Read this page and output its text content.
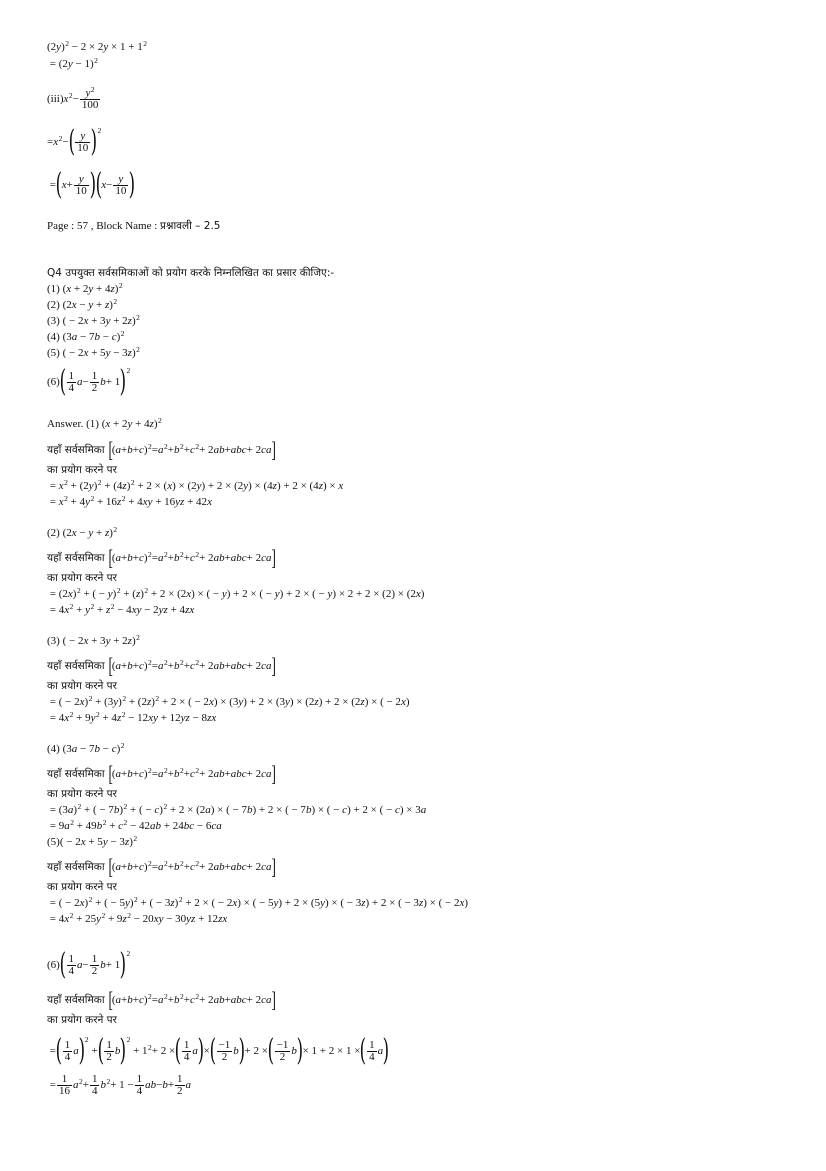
$(2y)^2 - 2 \times 2y \times 1 + 1^2$
= $(2y - 1)^2$
(iii) $x^2 - \frac{y^2}{100}$
= $x^2$ − ( $\frac{y}{10} )^2$
= ( $x + \frac{y}{10}$ ) ( $x - \frac{y}{10}$ )
Page : 57 , Block Name : प्रश्नावली – 2.5
Q4 उपयुक्त सर्वसमिकाओं को प्रयोग करके निम्नलिखित का प्रसार कीजिए:-
(1) $(x + 2y + 4z)^2$
(2) $(2x - y + z)^2$
(3) ( − 2x + 3y + 2z)$^2$
(4) $(3a - 7b - c)^2$
(5) ( − 2x + 5y − 3z)$^2$
(6) ( $\frac{1}{4}$ $a - \frac{1}{2}$ b + 1 )$^2$
Answer. (1) $(x + 2y + 4z)^2$
यहाँ सर्वसमिका [ ( a + b + c )$^2 = a^2 + b^2 + c^2 + 2$ ab + abc + 2 ca ]
का प्रयोग करने पर
= $x^2 + (2y)^2 + (4z)^2 + 2 \times (x) \times (2y) + 2 \times (2y) \times (4z) + 2 \times (4z) \times x$
= $x^2 + 4y^2 + 16z^2 + 4xy + 16yz + 42x$
(2) $(2x - y + z)^2$
यहाँ सर्वसमिका [ ( a + b + c )$^2 = a^2 + b^2 + c^2 + 2$ ab + abc + 2 ca ]
का प्रयोग करने पर
= $(2x)^2$ + ( − $y)^2 + (z)^2 + 2 \times (2x)$ × ( − y) + 2 × ( − y) + 2 × ( − y) × 2 + 2 × (2) × (2x)
= $4x^2 + y^2 + z^2 - 4xy - 2yz + 4zx$
(3) ( − 2x + 3y + 2z)$^2$
यहाँ सर्वसमिका [ ( a + b + c )$^2 = a^2 + b^2 + c^2 + 2$ ab + abc + 2 ca ]
का प्रयोग करने पर
= ( − $2x)^2 + (3y)^2 + (2z)^2 + 2$ × ( − 2x) × (3y) + 2 × (3y) × (2z) + 2 × (2z) × ( − 2x)
= $4x^2 + 9y^2 + 4z^2 - 12xy + 12yz - 8zx$
(4) $(3a - 7b - c)^2$
यहाँ सर्वसमिका [ ( a + b + c )$^2 = a^2 + b^2 + c^2 + 2$ ab + abc + 2 ca ]
का प्रयोग करने पर
= $(3a)^2$ + ( − 7b)$^2$ + ( − c)$^2$ + 2 × (2a) × ( − 7b) + 2 × ( − 7b) × ( − c) + 2 × ( − c) × 3a
= $9a^2 + 49b^2 + c^2 - 42ab + 24bc - 6ca$
$(5)( - 2x + 5y - 3z)^2$
यहाँ सर्वसमिका [ ( a + b + c )$^2 = a^2 + b^2 + c^2 + 2$ ab + abc + 2 ca ]
का प्रयोग करने पर
= ( − 2x)$^2$ + ( − 5y)$^2$ + ( − 3z)$^2$ + 2 × ( − 2x) × ( − 5y) + 2 × (5y) × ( − 3z) + 2 × ( − 3z) × ( − 2x)
= $4x^2 + 25y^2 + 9z^2 - 20xy - 30yz + 12zx$
(6) ( $\frac{1}{4}$ $a - \frac{1}{2}$ b + 1 )$^2$
यहाँ सर्वसमिका [ ( a + b + c )$^2 = a^2 + b^2 + c^2 + 2$ ab + abc + 2 ca ]
का प्रयोग करने पर
= ( $\frac{1}{4}$ a )$^2$
+ ( $\frac{1}{2}$ b )$^2$
+ $1^2 + 2$ × ( $\frac{1}{4}$ a ) × ( $\frac{-1}{2}$ b ) + 2 × ( $\frac{-1}{2}$ b ) × 1 + 2 × 1 × ( $\frac{1}{4}$ a )
= $\frac{1}{16} a^2 + \frac{1}{4} b^2 + 1 - \frac{1}{4}$ ab − $b + \frac{1}{2}$ a
